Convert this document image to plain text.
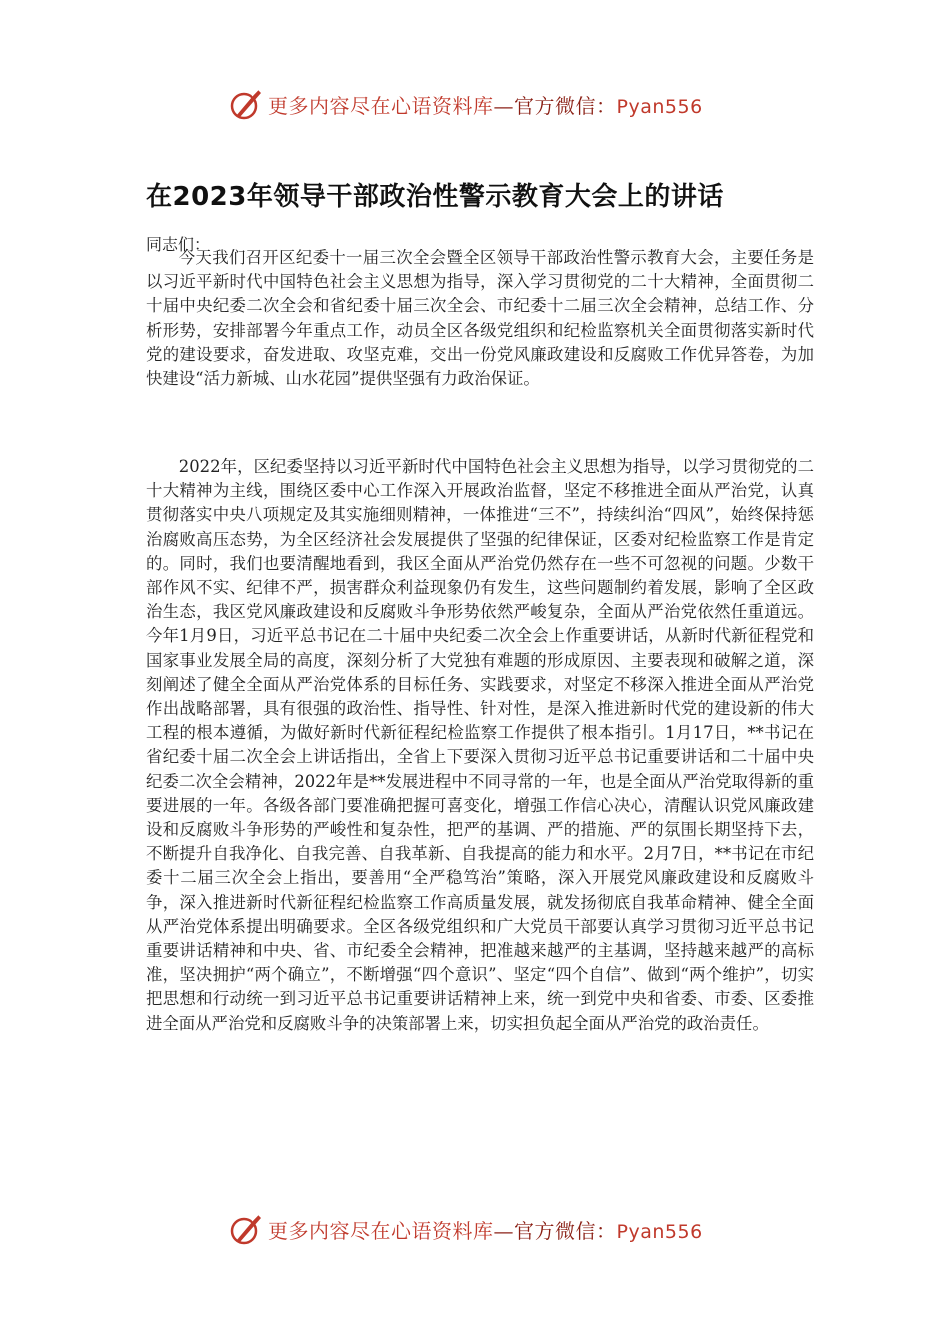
更多内容尽在心语资料库—官方微信：Pyan556
在2023年领导干部政治性警示教育大会上的讲话
同志们：

今天我们召开区纪委十一届三次全会暨全区领导干部政治性警示教育大会，主要任务是以习近平新时代中国特色社会主义思想为指导，深入学习贯彻党的二十大精神，全面贯彻二十届中央纪委二次全会和省纪委十届三次全会、市纪委十二届三次全会精神，总结工作、分析形势，安排部署今年重点工作，动员全区各级党组织和纪检监察机关全面贯彻落实新时代党的建设要求，奋发进取、攻坚克难，交出一份党风廉政建设和反腐败工作优异答卷，为加快建设“活力新城、山水花园”提供坚强有力政治保证。

2022年，区纪委坚持以习近平新时代中国特色社会主义思想为指导，以学习贯彻党的二十大精神为主线，围绕区委中心工作深入开展政治监督，坚定不移推进全面从严治党，认真贯彻落实中央八项规定及其实施细则精神，一体推进“三不”，持续纠治“四风”，始终保持惩治腐败高压态势，为全区经济社会发展提供了坚强的纪律保证，区委对纪检监察工作是肯定的。同时，我们也要清醒地看到，我区全面从严治党仍然存在一些不可忽视的问题。少数干部作风不实、纪律不严，损害群众利益现象仍有发生，这些问题制约着发展，影响了全区政治生态，我区党风廉政建设和反腐败斗争形势依然严峻复杂，全面从严治党依然任重道远。今年1月9日，习近平总书记在二十届中央纪委二次全会上作重要讲话，从新时代新征程党和国家事业发展全局的高度，深刻分析了大党独有难题的形成原因、主要表现和破解之道，深刻阐述了健全全面从严治党体系的目标任务、实践要求，对坚定不移深入推进全面从严治党作出战略部署，具有很强的政治性、指导性、针对性，是深入推进新时代党的建设新的伟大工程的根本遵循，为做好新时代新征程纪检监察工作提供了根本指引。1月17日，**书记在省纪委十届二次全会上讲话指出，全省上下要深入贯彻习近平总书记重要讲话和二十届中央纪委二次全会精神，2022年是**发展进程中不同寻常的一年，也是全面从严治党取得新的重要进展的一年。各级各部门要准确把握可喜变化，增强工作信心决心，清醒认识党风廉政建设和反腐败斗争形势的严峻性和复杂性，把严的基调、严的措施、严的氛围长期坚持下去，不断提升自我净化、自我完善、自我革新、自我提高的能力和水平。2月7日，**书记在市纪委十二届三次全会上指出，要善用“全严稳笃治”策略，深入开展党风廉政建设和反腐败斗争，深入推进新时代新征程纪检监察工作高质量发展，就发扬彻底自我革命精神、健全全面从严治党体系提出明确要求。全区各级党组织和广大党员干部要认真学习贯彻习近平总书记重要讲话精神和中央、省、市纪委全会精神，把准越来越严的主基调，坚持越来越严的高标准，坚决拥护“两个确立”，不断增强“四个意识”、坚定“四个自信”、做到“两个维护”，切实把思想和行动统一到习近平总书记重要讲话精神上来，统一到党中央和省委、市委、区委推进全面从严治党和反腐败斗争的决策部署上来，切实担负起全面从严治党的政治责任。

更多内容尽在心语资料库—官方微信：Pyan556
